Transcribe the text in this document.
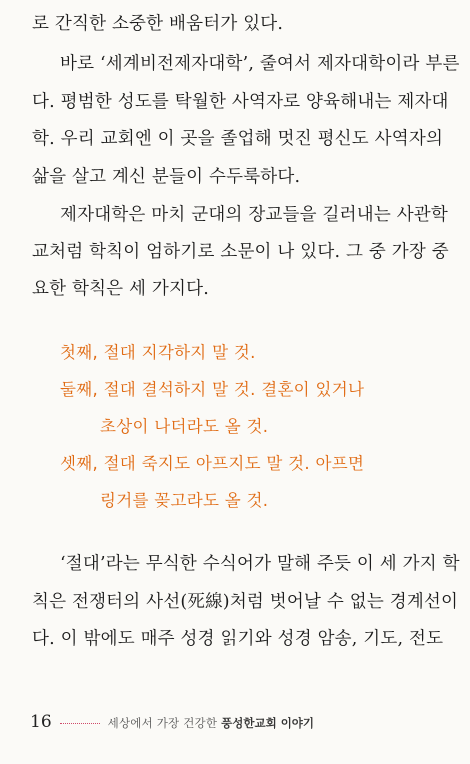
로 간직한 소중한 배움터가 있다.
바로 ‘세계비전제자대학’, 줄여서 제자대학이라 부른
다. 평범한 성도를 탁월한 사역자로 양육해내는 제자대
학. 우리 교회엔 이 곳을 졸업해 멋진 평신도 사역자의
삶을 살고 계신 분들이 수두룩하다.
제자대학은 마치 군대의 장교들을 길러내는 사관학
교처럼 학칙이 엄하기로 소문이 나 있다. 그 중 가장 중
요한 학칙은 세 가지다.
첫째, 절대 지각하지 말 것.
둘째, 절대 결석하지 말 것. 결혼이 있거나
초상이 나더라도 올 것.
셋째, 절대 죽지도 아프지도 말 것. 아프면
링거를 꽂고라도 올 것.
‘절대’라는 무식한 수식어가 말해 주듯 이 세 가지 학
칙은 전쟁터의 사선(死線)처럼 벗어날 수 없는 경계선이
다. 이 밖에도 매주 성경 읽기와 성경 암송, 기도, 전도
16	세상에서 가장 건강한 풍성한교회 이야기
